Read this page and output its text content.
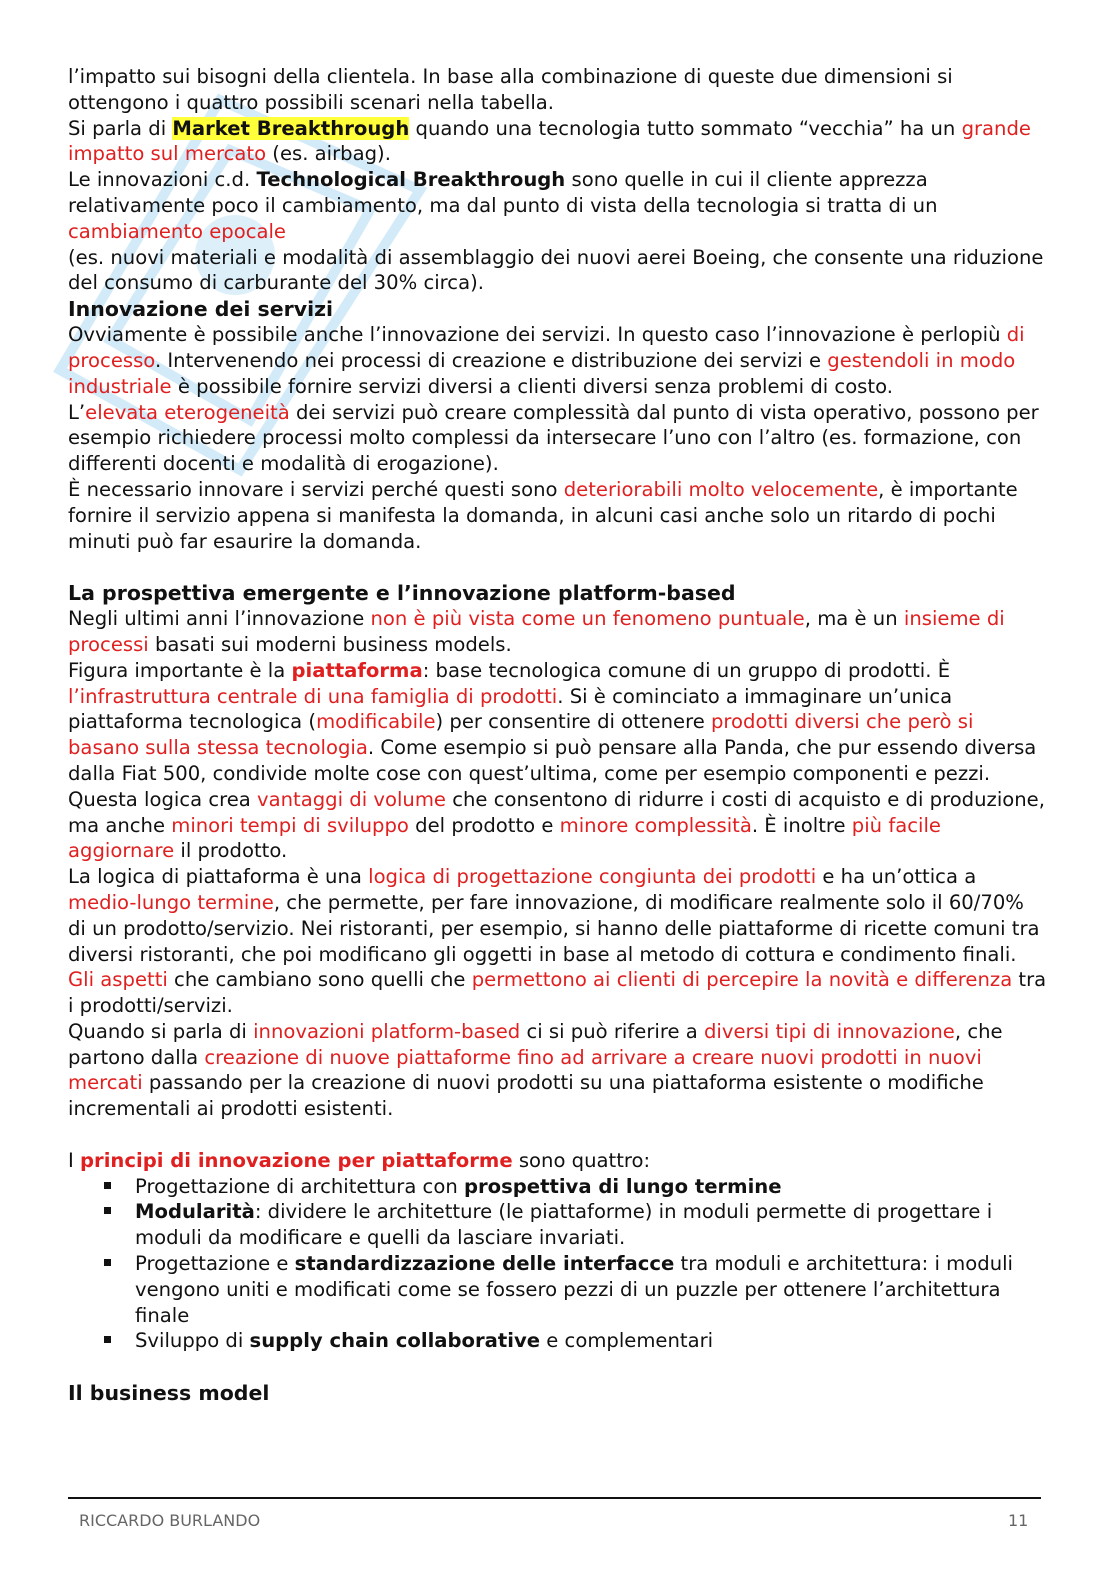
l’impatto sui bisogni della clientela. In base alla combinazione di queste due dimensioni si ottengono i quattro possibili scenari nella tabella.

Si parla di Market Breakthrough quando una tecnologia tutto sommato “vecchia” ha un grande impatto sul mercato (es. airbag).

Le innovazioni c.d. Technological Breakthrough sono quelle in cui il cliente apprezza relativamente poco il cambiamento, ma dal punto di vista della tecnologia si tratta di un cambiamento epocale

(es. nuovi materiali e modalità di assemblaggio dei nuovi aerei Boeing, che consente una riduzione del consumo di carburante del 30% circa).

Innovazione dei servizi

Ovviamente è possibile anche l’innovazione dei servizi. In questo caso l’innovazione è perlopiù di processo. Intervenendo nei processi di creazione e distribuzione dei servizi e gestendoli in modo industriale è possibile fornire servizi diversi a clienti diversi senza problemi di costo.

L’elevata eterogeneità dei servizi può creare complessità dal punto di vista operativo, possono per esempio richiedere processi molto complessi da intersecare l’uno con l’altro (es. formazione, con differenti docenti e modalità di erogazione).

È necessario innovare i servizi perché questi sono deteriorabili molto velocemente, è importante fornire il servizio appena si manifesta la domanda, in alcuni casi anche solo un ritardo di pochi minuti può far esaurire la domanda.

La prospettiva emergente e l’innovazione platform-based

Negli ultimi anni l’innovazione non è più vista come un fenomeno puntuale, ma è un insieme di processi basati sui moderni business models.

Figura importante è la piattaforma: base tecnologica comune di un gruppo di prodotti. È l’infrastruttura centrale di una famiglia di prodotti. Si è cominciato a immaginare un’unica piattaforma tecnologica (modificabile) per consentire di ottenere prodotti diversi che però si basano sulla stessa tecnologia. Come esempio si può pensare alla Panda, che pur essendo diversa dalla Fiat 500, condivide molte cose con quest’ultima, come per esempio componenti e pezzi.

Questa logica crea vantaggi di volume che consentono di ridurre i costi di acquisto e di produzione, ma anche minori tempi di sviluppo del prodotto e minore complessità. È inoltre più facile aggiornare il prodotto.

La logica di piattaforma è una logica di progettazione congiunta dei prodotti e ha un’ottica a medio-lungo termine, che permette, per fare innovazione, di modificare realmente solo il 60/70% di un prodotto/servizio. Nei ristoranti, per esempio, si hanno delle piattaforme di ricette comuni tra diversi ristoranti, che poi modificano gli oggetti in base al metodo di cottura e condimento finali.

Gli aspetti che cambiano sono quelli che permettono ai clienti di percepire la novità e differenza tra i prodotti/servizi.

Quando si parla di innovazioni platform-based ci si può riferire a diversi tipi di innovazione, che partono dalla creazione di nuove piattaforme fino ad arrivare a creare nuovi prodotti in nuovi mercati passando per la creazione di nuovi prodotti su una piattaforma esistente o modifiche incrementali ai prodotti esistenti.

I principi di innovazione per piattaforme sono quattro:

Progettazione di architettura con prospettiva di lungo termine
Modularità: dividere le architetture (le piattaforme) in moduli permette di progettare i moduli da modificare e quelli da lasciare invariati.
Progettazione e standardizzazione delle interfacce tra moduli e architettura: i moduli vengono uniti e modificati come se fossero pezzi di un puzzle per ottenere l’architettura finale
Sviluppo di supply chain collaborative e complementari
Il business model
RICCARDO BURLANDO	11
